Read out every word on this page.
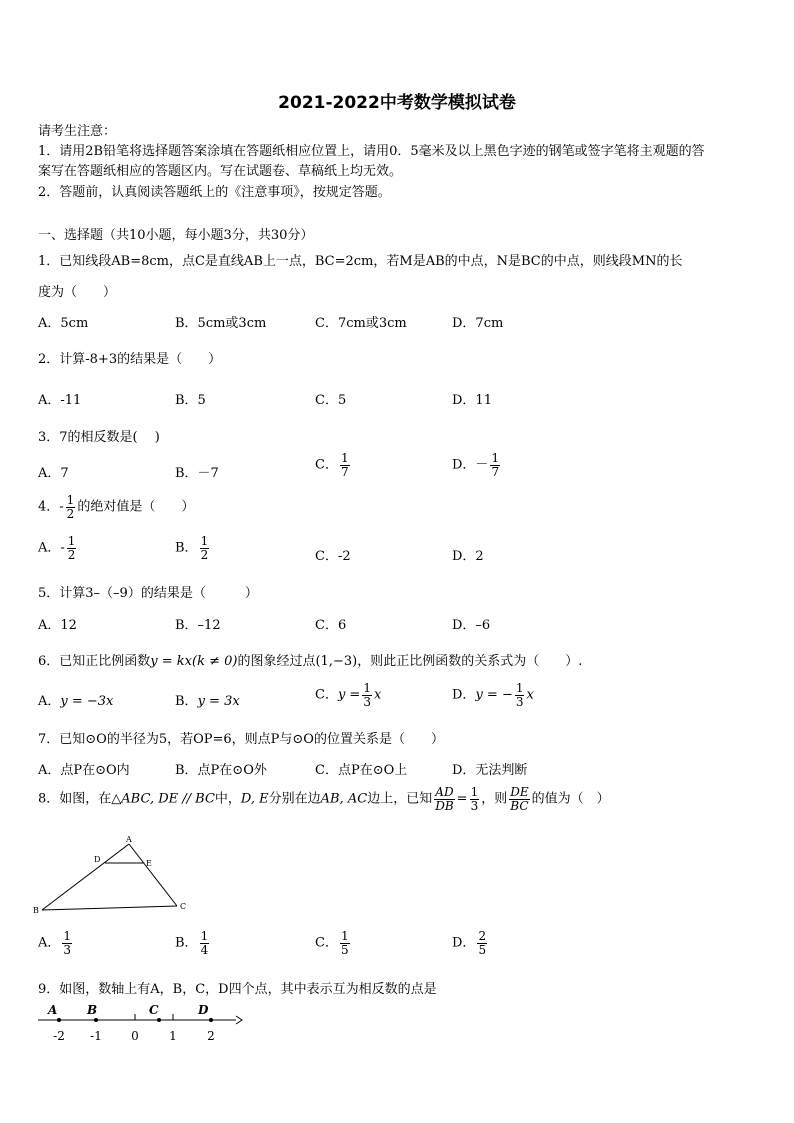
2021-2022中考数学模拟试卷
请考生注意：
1．请用2B铅笔将选择题答案涂填在答题纸相应位置上，请用0．5毫米及以上黑色字迹的钢笔或签字笔将主观题的答
案写在答题纸相应的答题区内。写在试题卷、草稿纸上均无效。
2．答题前，认真阅读答题纸上的《注意事项》，按规定答题。
一、选择题（共10小题，每小题3分，共30分）
1．已知线段AB=8cm，点C是直线AB上一点，BC=2cm，若M是AB的中点，N是BC的中点，则线段MN的长
度为（　　）
A．5cm	B．5cm或3cm	C．7cm或3cm	D．7cm
2．计算-8+3的结果是（　　）
A．-11	B．5	C．5	D．11
3．7的相反数是(　 )
A．7	B．－7
C． $\frac{1}{7}$	D．－ $\frac{1}{7}$
4．- $\frac{1}{2}$ 的绝对值是（　　）
A．- $\frac{1}{2}$	B． $\frac{1}{2}$	C．-2	D．2
5．计算3–（–9）的结果是（　　　）
A．12	B．–12	C．6	D．–6
6．已知正比例函数y = kx(k ≠ 0)的图象经过点(1,−3)，则此正比例函数的关系式为（　　）.
A．y = −3x	B．y = 3x	C．$y = \frac{1}{3}$ x	D．y = − $\frac{1}{3}$ x
7．已知⊙O的半径为5，若OP=6，则点P与⊙O的位置关系是（　　）
A．点P在⊙O内	B．点P在⊙O外	C．点P在⊙O上	D．无法判断
8．如图，在△ABC, DE // BC中，D, E分别在边AB, AC边上，已知 $\frac{AD}{DB} = \frac{1}{3}$ ，则 $\frac{DE}{BC}$ 的值为（　）
A
B	C
D	E
A． $\frac{1}{3}$	B． $\frac{1}{4}$	C． $\frac{1}{5}$	D． $\frac{2}{5}$
9．如图，数轴上有A，B，C，D四个点，其中表示互为相反数的点是
A B	C	D
-2 -1 0	1	2
